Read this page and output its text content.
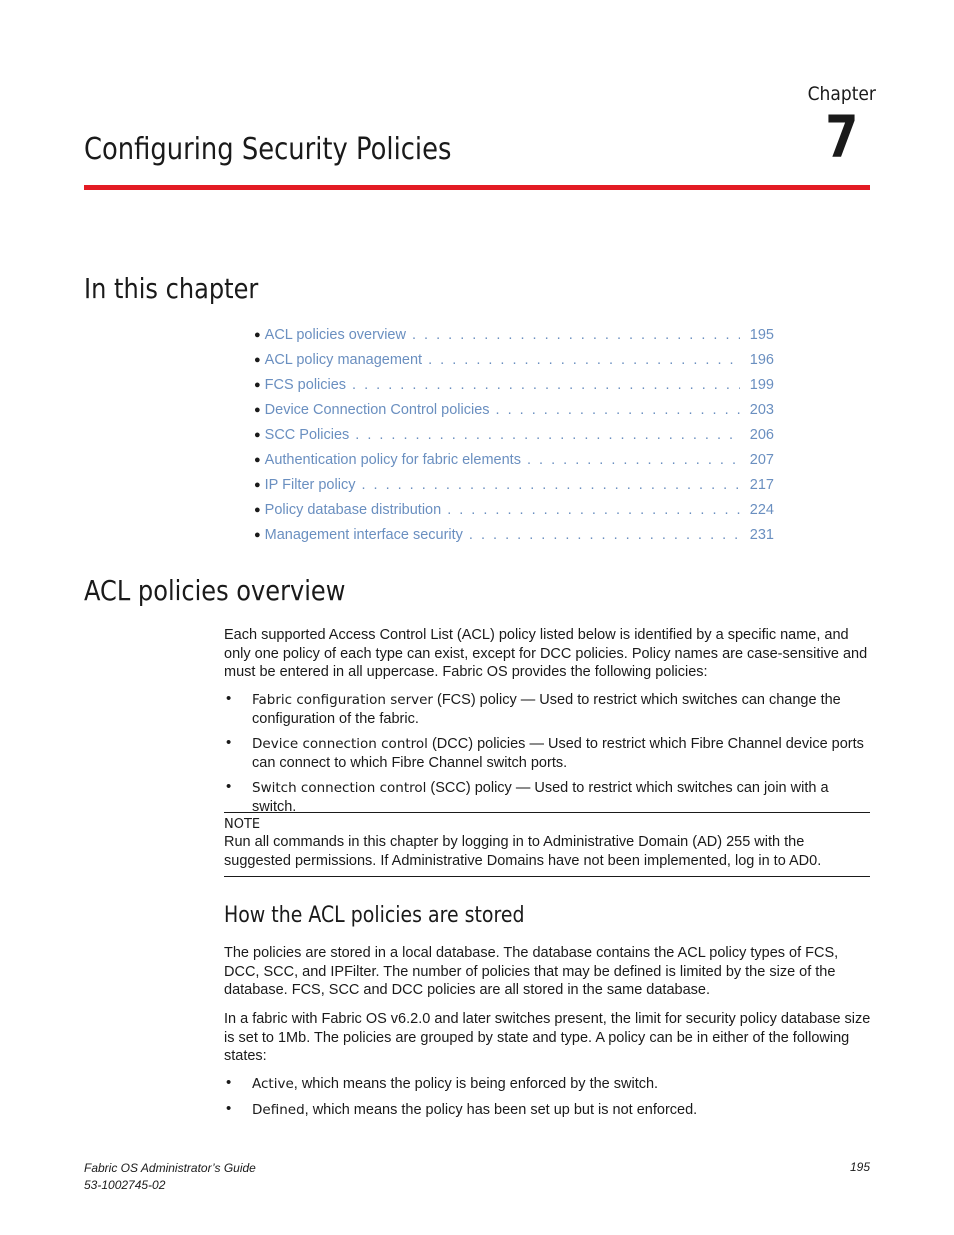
Chapter
7
Configuring Security Policies
In this chapter
● ACL policies overview . . .	195
● ACL policy management . . .	196
● FCS policies . . .	199
● Device Connection Control policies . . .	203
● SCC Policies . . .	206
● Authentication policy for fabric elements . . .	207
● IP Filter policy . . .	217
● Policy database distribution . . .	224
● Management interface security . . .	231
ACL policies overview

Each supported Access Control List (ACL) policy listed below is identified by a specific name, and only one policy of each type can exist, except for DCC policies. Policy names are case-sensitive and must be entered in all uppercase. Fabric OS provides the following policies:

• Fabric configuration server (FCS) policy — Used to restrict which switches can change the configuration of the fabric.
• Device connection control (DCC) policies — Used to restrict which Fibre Channel device ports can connect to which Fibre Channel switch ports.
• Switch connection control (SCC) policy — Used to restrict which switches can join with a switch.
NOTE

Run all commands in this chapter by logging in to Administrative Domain (AD) 255 with the suggested permissions. If Administrative Domains have not been implemented, log in to AD0.

How the ACL policies are stored

The policies are stored in a local database. The database contains the ACL policy types of FCS, DCC, SCC, and IPFilter. The number of policies that may be defined is limited by the size of the database. FCS, SCC and DCC policies are all stored in the same database.

In a fabric with Fabric OS v6.2.0 and later switches present, the limit for security policy database size is set to 1Mb. The policies are grouped by state and type. A policy can be in either of the following states:

• Active, which means the policy is being enforced by the switch.
• Defined, which means the policy has been set up but is not enforced.
Fabric OS Administrator’s Guide
53-1002745-02
195
